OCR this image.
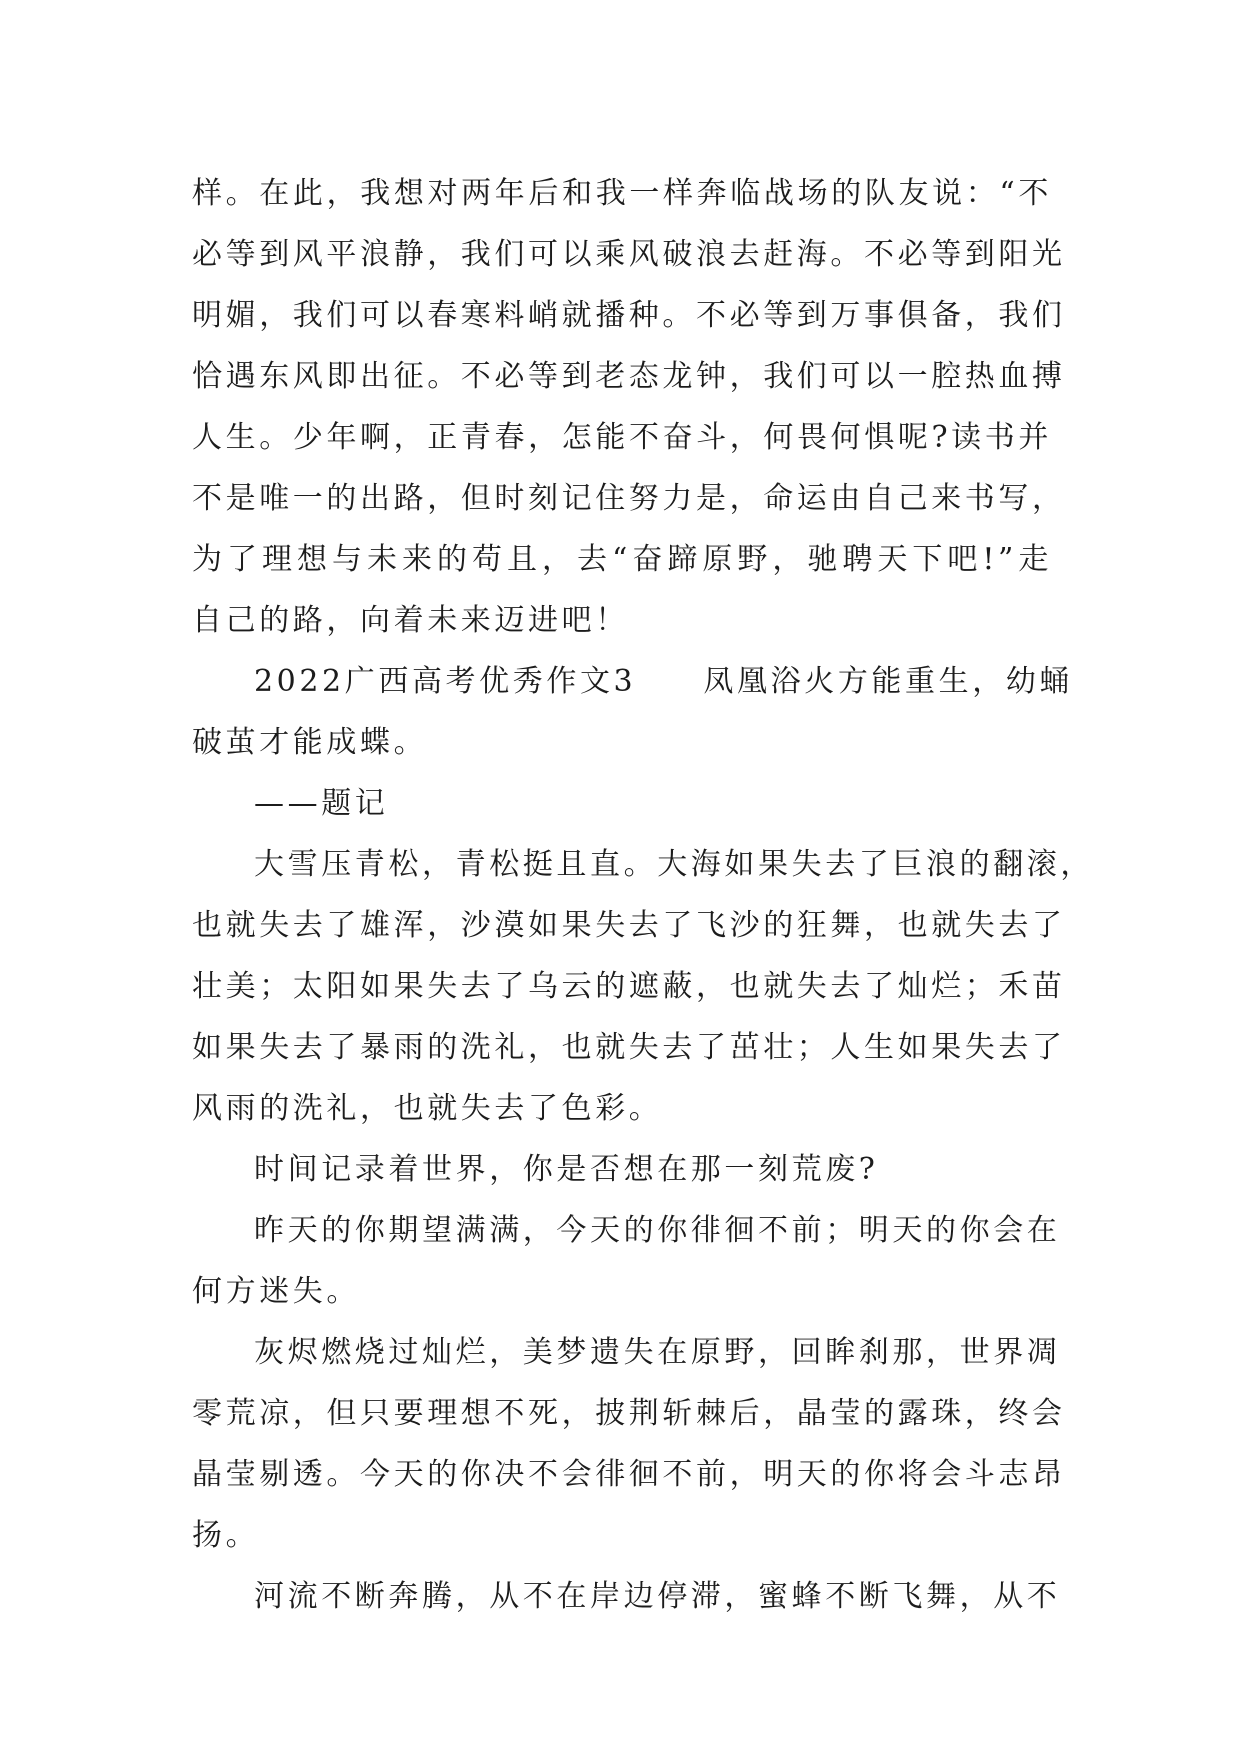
样。在此，我想对两年后和我一样奔临战场的队友说：“不
必等到风平浪静，我们可以乘风破浪去赶海。不必等到阳光
明媚，我们可以春寒料峭就播种。不必等到万事俱备，我们
恰遇东风即出征。不必等到老态龙钟，我们可以一腔热血搏
人生。少年啊，正青春，怎能不奋斗，何畏何惧呢?读书并
不是唯一的出路，但时刻记住努力是，命运由自己来书写，
为了理想与未来的苟且，去“奋蹄原野，驰聘天下吧!”走
自己的路，向着未来迈进吧！
2022广西高考优秀作文3　　凤凰浴火方能重生，幼蛹
破茧才能成蝶。
——题记
大雪压青松，青松挺且直。大海如果失去了巨浪的翻滚，
也就失去了雄浑，沙漠如果失去了飞沙的狂舞，也就失去了
壮美；太阳如果失去了乌云的遮蔽，也就失去了灿烂；禾苗
如果失去了暴雨的洗礼，也就失去了茁壮；人生如果失去了
风雨的洗礼，也就失去了色彩。
时间记录着世界，你是否想在那一刻荒废?
昨天的你期望满满，今天的你徘徊不前；明天的你会在
何方迷失。
灰烬燃烧过灿烂，美梦遗失在原野，回眸刹那，世界凋
零荒凉，但只要理想不死，披荆斩棘后，晶莹的露珠，终会
晶莹剔透。今天的你决不会徘徊不前，明天的你将会斗志昂
扬。
河流不断奔腾，从不在岸边停滞，蜜蜂不断飞舞，从不
